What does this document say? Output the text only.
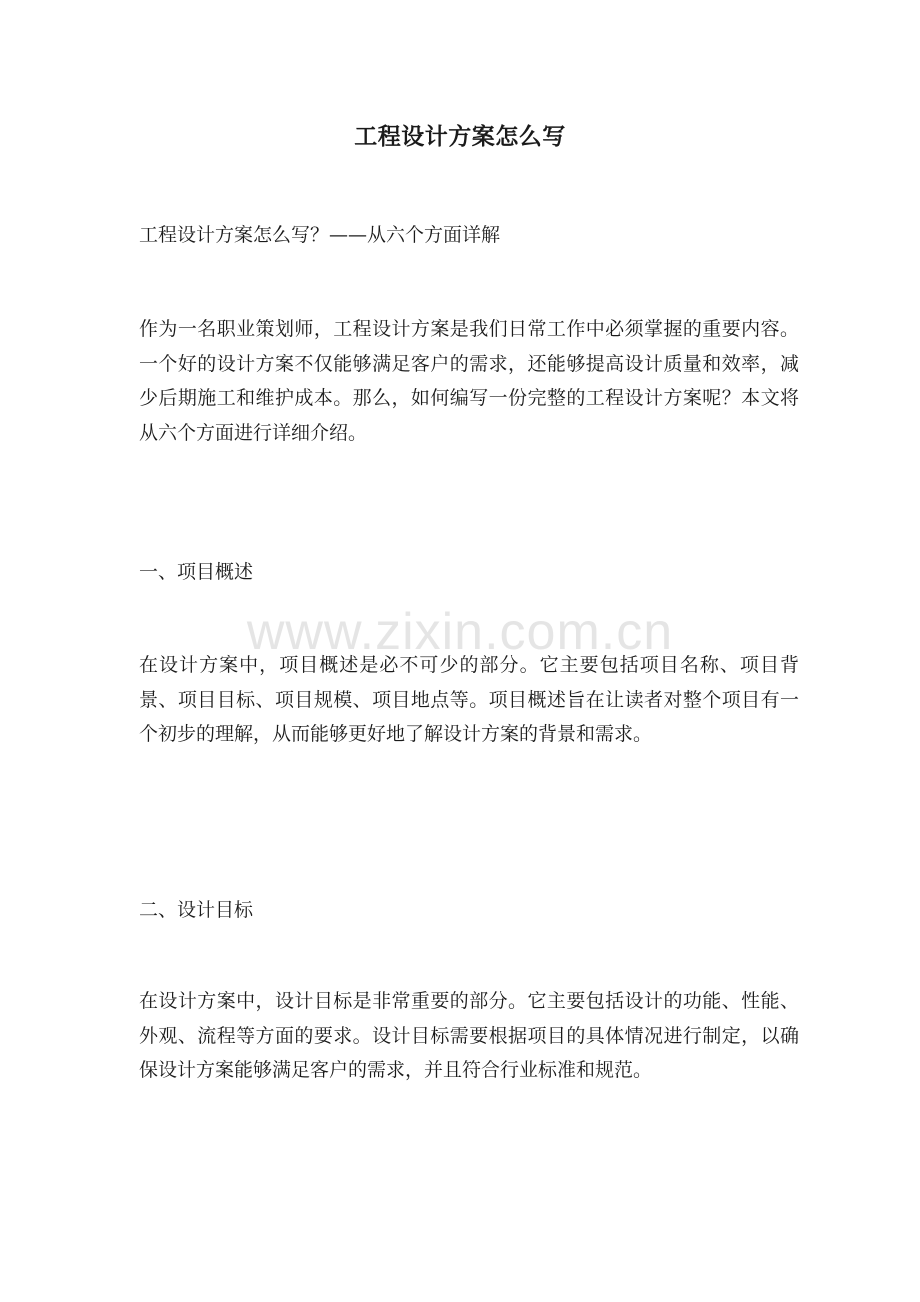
工程设计方案怎么写

工程设计方案怎么写？——从六个方面详解

作为一名职业策划师，工程设计方案是我们日常工作中必须掌握的重要内容。一个好的设计方案不仅能够满足客户的需求，还能够提高设计质量和效率，减少后期施工和维护成本。那么，如何编写一份完整的工程设计方案呢？本文将从六个方面进行详细介绍。

一、项目概述

在设计方案中，项目概述是必不可少的部分。它主要包括项目名称、项目背景、项目目标、项目规模、项目地点等。项目概述旨在让读者对整个项目有一个初步的理解，从而能够更好地了解设计方案的背景和需求。

二、设计目标

在设计方案中，设计目标是非常重要的部分。它主要包括设计的功能、性能、外观、流程等方面的要求。设计目标需要根据项目的具体情况进行制定，以确保设计方案能够满足客户的需求，并且符合行业标准和规范。

www.zixin.com.cn
